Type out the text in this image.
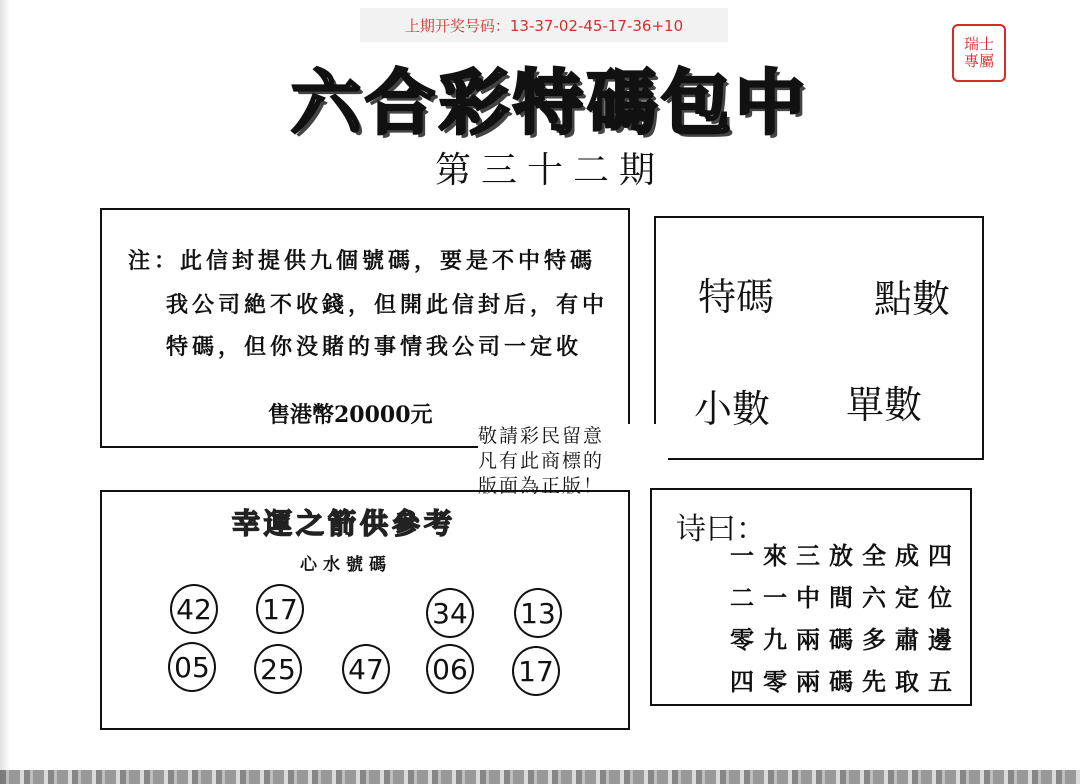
上期开奖号码：13-37-02-45-17-36+10
瑞士專屬
六合彩特碼包中
第三十二期
注：此信封提供九個號碼，要是不中特碼
我公司絶不收錢，但開此信封后，有中
特碼，但你没賭的事情我公司一定收
售港幣20000元
特碼	點數
小數 單數
敬請彩民留意
凡有此商標的
版面為正版！
幸運之箭供參考
心水號碼
42 17	34 13
05 25 47 06 17
诗曰：
一來三放全成四
二一中間六定位
零九兩碼多肅邊
四零兩碼先取五
